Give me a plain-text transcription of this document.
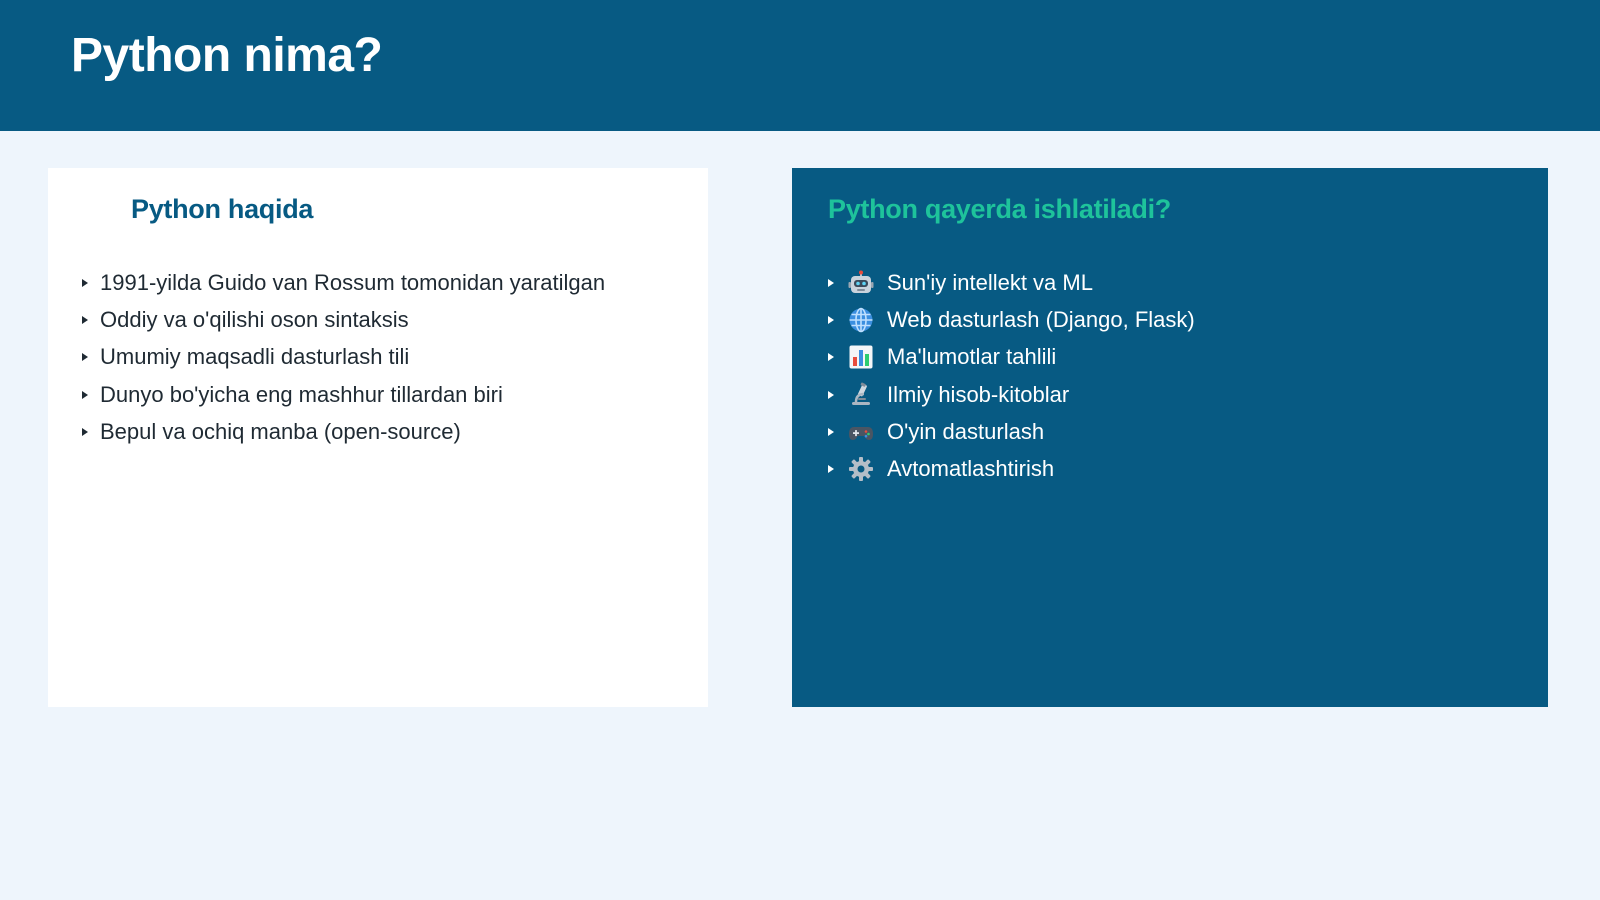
Python nima?
Python haqida
1991-yilda Guido van Rossum tomonidan yaratilgan
Oddiy va o'qilishi oson sintaksis
Umumiy maqsadli dasturlash tili
Dunyo bo'yicha eng mashhur tillardan biri
Bepul va ochiq manba (open-source)
Python qayerda ishlatiladi?
Sun'iy intellekt va ML
Web dasturlash (Django, Flask)
Ma'lumotlar tahlili
Ilmiy hisob-kitoblar
O'yin dasturlash
Avtomatlashtirish
